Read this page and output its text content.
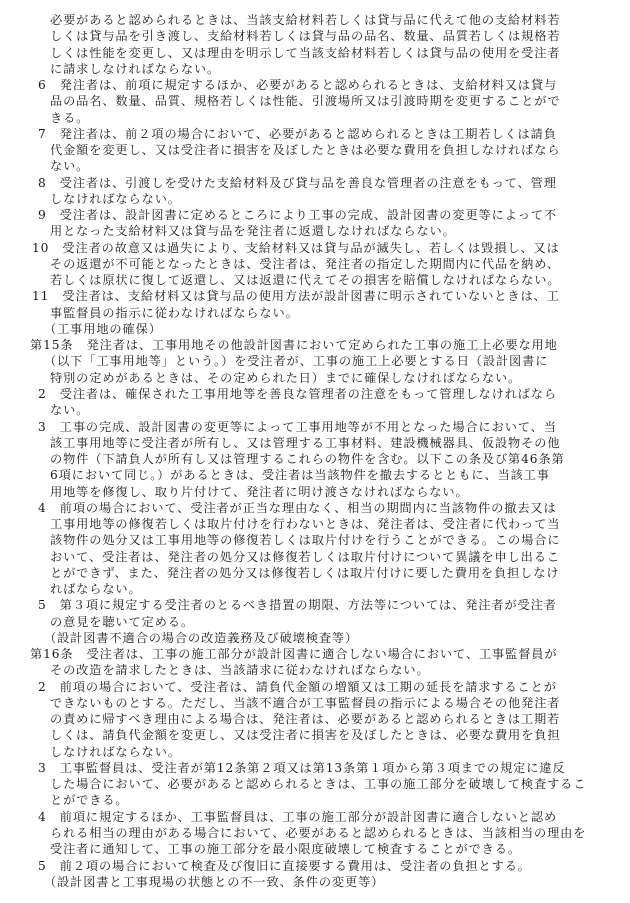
必要があると認められるときは、当該支給材料若しくは貸与品に代えて他の支給材料若
しくは貸与品を引き渡し、支給材料若しくは貸与品の品名、数量、品質若しくは規格若
しくは性能を変更し、又は理由を明示して当該支給材料若しくは貸与品の使用を受注者
に請求しなければならない。
6　発注者は、前項に規定するほか、必要があると認められるときは、支給材料又は貸与
品の品名、数量、品質、規格若しくは性能、引渡場所又は引渡時期を変更することがで
きる。
7　発注者は、前２項の場合において、必要があると認められるときは工期若しくは請負
代金額を変更し、又は受注者に損害を及ぼしたときは必要な費用を負担しなければなら
ない。
8　受注者は、引渡しを受けた支給材料及び貸与品を善良な管理者の注意をもって、管理
しなければならない。
9　受注者は、設計図書に定めるところにより工事の完成、設計図書の変更等によって不
用となった支給材料又は貸与品を発注者に返還しなければならない。
10　受注者の故意又は過失により、支給材料又は貸与品が滅失し、若しくは毀損し、又は
その返還が不可能となったときは、受注者は、発注者の指定した期間内に代品を納め、
若しくは原状に復して返還し、又は返還に代えてその損害を賠償しなければならない。
11　受注者は、支給材料又は貸与品の使用方法が設計図書に明示されていないときは、工
事監督員の指示に従わなければならない。
（工事用地の確保）
第15条　発注者は、工事用地その他設計図書において定められた工事の施工上必要な用地
（以下「工事用地等」という。）を受注者が、工事の施工上必要とする日（設計図書に
特別の定めがあるときは、その定められた日）までに確保しなければならない。
2　受注者は、確保された工事用地等を善良な管理者の注意をもって管理しなければなら
ない。
3　工事の完成、設計図書の変更等によって工事用地等が不用となった場合において、当
該工事用地等に受注者が所有し、又は管理する工事材料、建設機械器具、仮設物その他
の物件（下請負人が所有し又は管理するこれらの物件を含む。以下この条及び第46条第
6項において同じ。）があるときは、受注者は当該物件を撤去するとともに、当該工事
用地等を修復し、取り片付けて、発注者に明け渡さなければならない。
4　前項の場合において、受注者が正当な理由なく、相当の期間内に当該物件の撤去又は
工事用地等の修復若しくは取片付けを行わないときは、発注者は、受注者に代わって当
該物件の処分又は工事用地等の修復若しくは取片付けを行うことができる。この場合に
おいて、受注者は、発注者の処分又は修復若しくは取片付けについて異議を申し出るこ
とができず、また、発注者の処分又は修復若しくは取片付けに要した費用を負担しなけ
ればならない。
5　第３項に規定する受注者のとるべき措置の期限、方法等については、発注者が受注者
の意見を聴いて定める。
（設計図書不適合の場合の改造義務及び破壊検査等）
第16条　受注者は、工事の施工部分が設計図書に適合しない場合において、工事監督員が
その改造を請求したときは、当該請求に従わなければならない。
2　前項の場合において、受注者は、請負代金額の増額又は工期の延長を請求することが
できないものとする。ただし、当該不適合が工事監督員の指示による場合その他発注者
の責めに帰すべき理由による場合は、発注者は、必要があると認められるときは工期若
しくは、請負代金額を変更し、又は受注者に損害を及ぼしたときは、必要な費用を負担
しなければならない。
3　工事監督員は、受注者が第12条第２項又は第13条第１項から第３項までの規定に違反
した場合において、必要があると認められるときは、工事の施工部分を破壊して検査するこ
とができる。
4　前項に規定するほか、工事監督員は、工事の施工部分が設計図書に適合しないと認め
られる相当の理由がある場合において、必要があると認められるときは、当該相当の理由を
受注者に通知して、工事の施工部分を最小限度破壊して検査することができる。
5　前２項の場合において検査及び復旧に直接要する費用は、受注者の負担とする。
（設計図書と工事現場の状態との不一致、条件の変更等）
